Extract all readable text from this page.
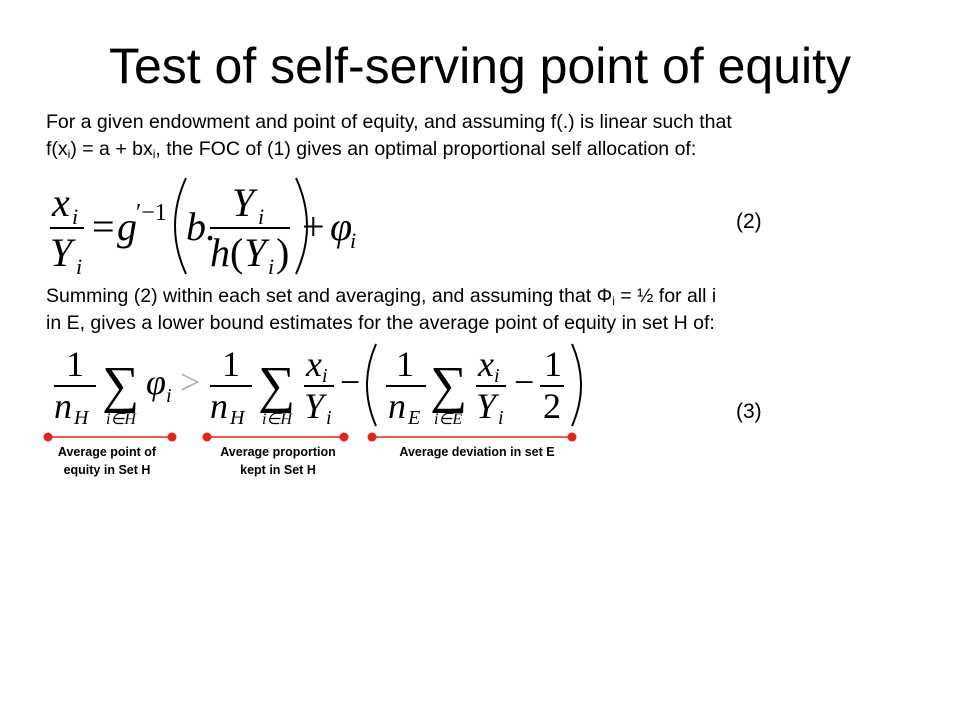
Test of self-serving point of equity
For a given endowment and point of equity, and assuming f(.) is linear such that
$f(x_i) = a + bx_i$, the FOC of (1) gives an optimal proportional self allocation of:
x i
Y i
= g ′−1 b.
Y i
h ( Y i )
+ φ
i
(2)
Summing (2) within each set and averaging, and assuming that $\Phi_i$ = ½ for all i
in E, gives a lower bound estimates for the average point of equity in set H of:
1
n H
∑
i∈H
φ i > 1
n H
∑
i∈H
x i
Y i
− 1
n E
∑
i∈E
x i
Y i
− 1
2	(3)
Average point of
equity in Set H
Average proportion
kept in Set H
Average deviation in set E
